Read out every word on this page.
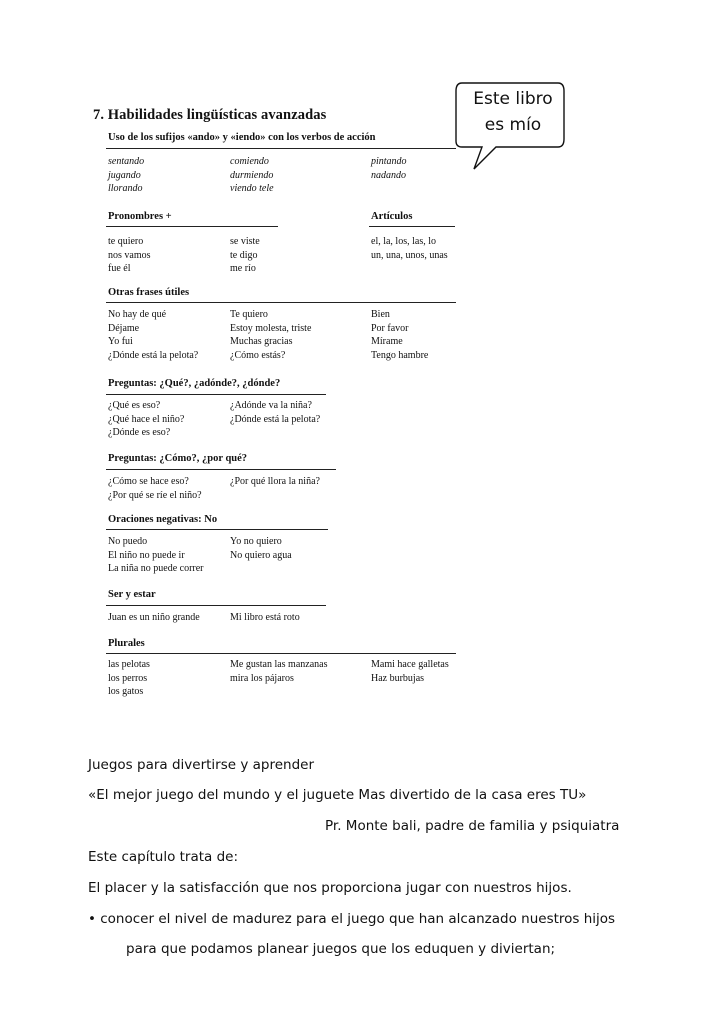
Este libro
es mío
7. Habilidades lingüísticas avanzadas
Uso de los sufijos «ando» y «iendo» con los verbos de acción
sentando
jugando
llorando
comiendo
durmiendo
viendo tele
pintando
nadando
Pronombres +
te quiero
nos vamos
fue él
se viste
te digo
me río
Artículos
el, la, los, las, lo
un, una, unos, unas
Otras frases útiles
No hay de qué
Déjame
Yo fui
¿Dónde está la pelota?
Te quiero
Estoy molesta, triste
Muchas gracias
¿Cómo estás?
Bien
Por favor
Mírame
Tengo hambre
Preguntas: ¿Qué?, ¿adónde?, ¿dónde?
¿Qué es eso?
¿Qué hace el niño?
¿Dónde es eso?
¿Adónde va la niña?
¿Dónde está la pelota?
Preguntas: ¿Cómo?, ¿por qué?
¿Cómo se hace eso?
¿Por qué se ríe el niño?
¿Por qué llora la niña?
Oraciones negativas: No
No puedo
El niño no puede ir
La niña no puede correr
Yo no quiero
No quiero agua
Ser y estar
Juan es un niño grande	Mi libro está roto
Plurales
las pelotas
los perros
los gatos
Me gustan las manzanas
mira los pájaros
Mami hace galletas
Haz burbujas
Juegos para divertirse y aprender
«El mejor juego del mundo y el juguete Mas divertido de la casa eres TU»
Pr. Monte bali, padre de familia y psiquiatra
Este capítulo trata de:
El placer y la satisfacción que nos proporciona jugar con nuestros hijos.
• conocer el nivel de madurez para el juego que han alcanzado nuestros hijos
para que podamos planear juegos que los eduquen y diviertan;
